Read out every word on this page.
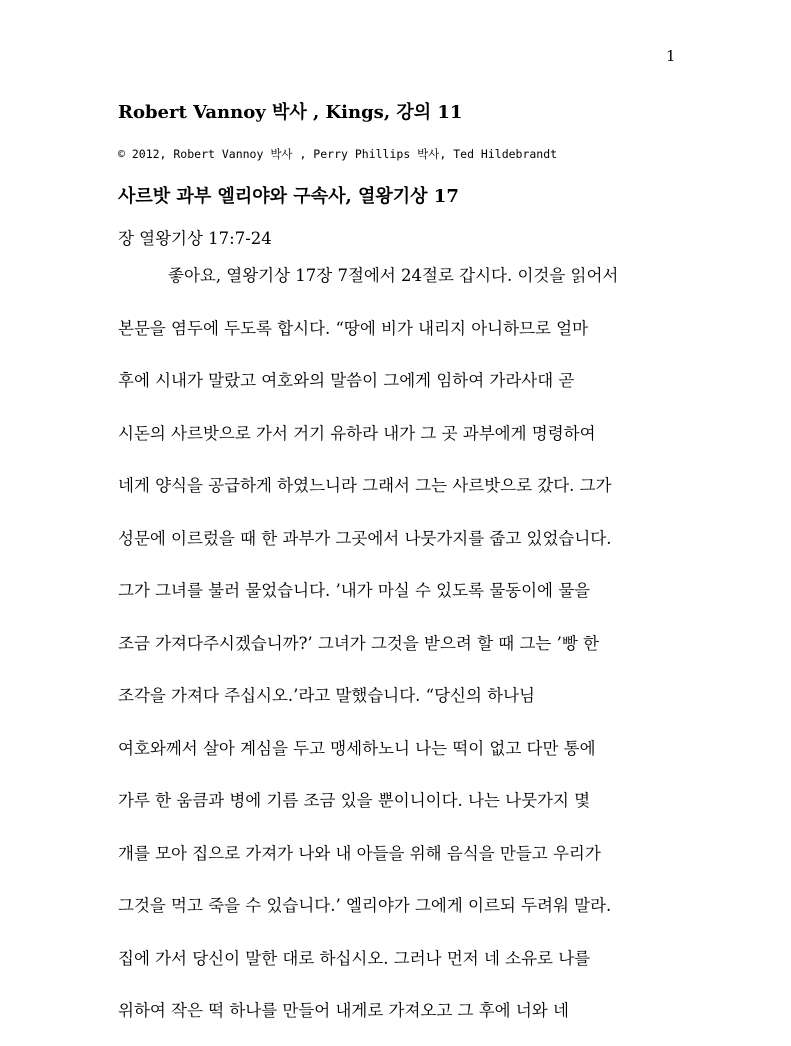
1
Robert Vannoy 박사 , Kings, 강의 11
© 2012, Robert Vannoy 박사 , Perry Phillips 박사, Ted Hildebrandt
사르밧 과부 엘리야와 구속사, 열왕기상 17
장 열왕기상 17:7-24
좋아요, 열왕기상 17장 7절에서 24절로 갑시다. 이것을 읽어서
본문을 염두에 두도록 합시다. “땅에 비가 내리지 아니하므로 얼마
후에 시내가 말랐고 여호와의 말씀이 그에게 임하여 가라사대 곧
시돈의 사르밧으로 가서 거기 유하라 내가 그 곳 과부에게 명령하여
네게 양식을 공급하게 하였느니라 그래서 그는 사르밧으로 갔다. 그가
성문에 이르렀을 때 한 과부가 그곳에서 나뭇가지를 줍고 있었습니다.
그가 그녀를 불러 물었습니다. ’내가 마실 수 있도록 물동이에 물을
조금 가져다주시겠습니까?’ 그녀가 그것을 받으려 할 때 그는 ’빵 한
조각을 가져다 주십시오.’라고 말했습니다. “당신의 하나님
여호와께서 살아 계심을 두고 맹세하노니 나는 떡이 없고 다만 통에
가루 한 움큼과 병에 기름 조금 있을 뿐이니이다. 나는 나뭇가지 몇
개를 모아 집으로 가져가 나와 내 아들을 위해 음식을 만들고 우리가
그것을 먹고 죽을 수 있습니다.’ 엘리야가 그에게 이르되 두려워 말라.
집에 가서 당신이 말한 대로 하십시오. 그러나 먼저 네 소유로 나를
위하여 작은 떡 하나를 만들어 내게로 가져오고 그 후에 너와 네
